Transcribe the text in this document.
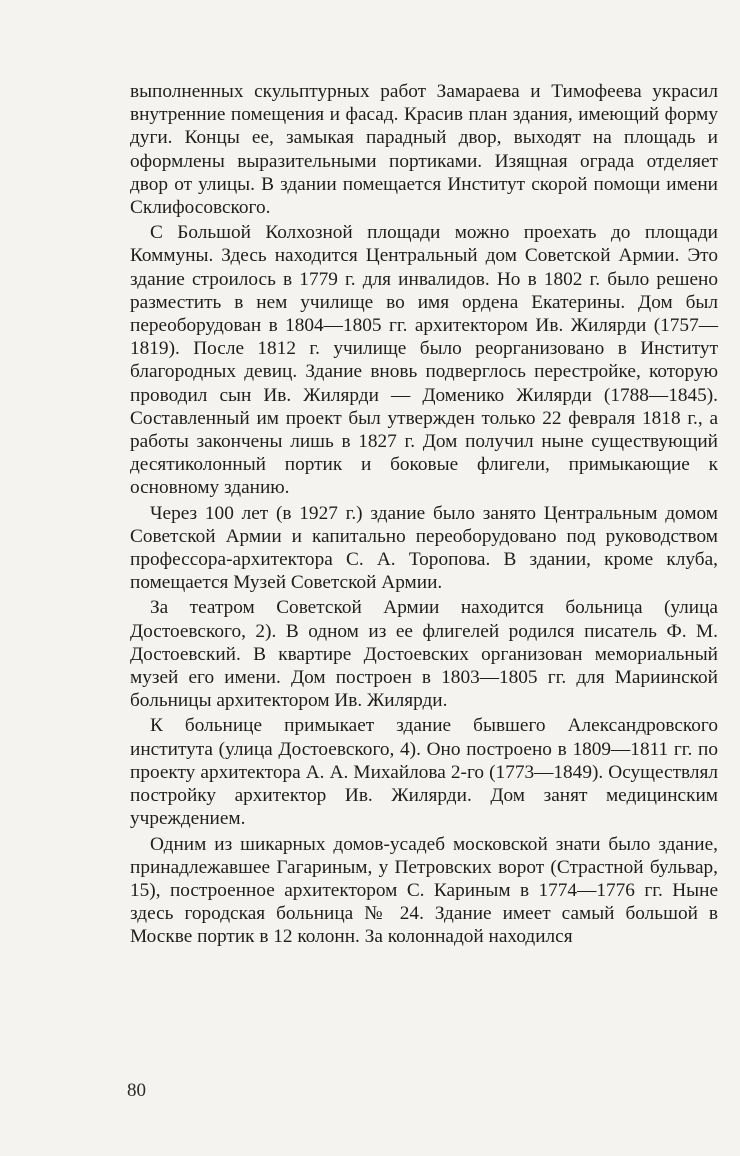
выполненных скульптурных работ Замараева и Тимофеева украсил внутренние помещения и фасад. Красив план здания, имеющий форму дуги. Концы ее, замыкая парадный двор, выходят на площадь и оформлены выразительными портиками. Изящная ограда отделяет двор от улицы. В здании помещается Институт скорой помощи имени Склифосовского.

С Большой Колхозной площади можно проехать до площади Коммуны. Здесь находится Центральный дом Советской Армии. Это здание строилось в 1779 г. для инвалидов. Но в 1802 г. было решено разместить в нем училище во имя ордена Екатерины. Дом был переоборудован в 1804—1805 гг. архитектором Ив. Жилярди (1757—1819). После 1812 г. училище было реорганизовано в Институт благородных девиц. Здание вновь подверглось перестройке, которую проводил сын Ив. Жилярди — Доменико Жилярди (1788—1845). Составленный им проект был утвержден только 22 февраля 1818 г., а работы закончены лишь в 1827 г. Дом получил ныне существующий десятиколонный портик и боковые флигели, примыкающие к основному зданию.

Через 100 лет (в 1927 г.) здание было занято Центральным домом Советской Армии и капитально переоборудовано под руководством профессора-архитектора С. А. Торопова. В здании, кроме клуба, помещается Музей Советской Армии.

За театром Советской Армии находится больница (улица Достоевского, 2). В одном из ее флигелей родился писатель Ф. М. Достоевский. В квартире Достоевских организован мемориальный музей его имени. Дом построен в 1803—1805 гг. для Мариинской больницы архитектором Ив. Жилярди.

К больнице примыкает здание бывшего Александровского института (улица Достоевского, 4). Оно построено в 1809—1811 гг. по проекту архитектора А. А. Михайлова 2-го (1773—1849). Осуществлял постройку архитектор Ив. Жилярди. Дом занят медицинским учреждением.

Одним из шикарных домов-усадеб московской знати было здание, принадлежавшее Гагариным, у Петровских ворот (Страстной бульвар, 15), построенное архитектором С. Кариным в 1774—1776 гг. Ныне здесь городская больница № 24. Здание имеет самый большой в Москве портик в 12 колонн. За колоннадой находился

80
